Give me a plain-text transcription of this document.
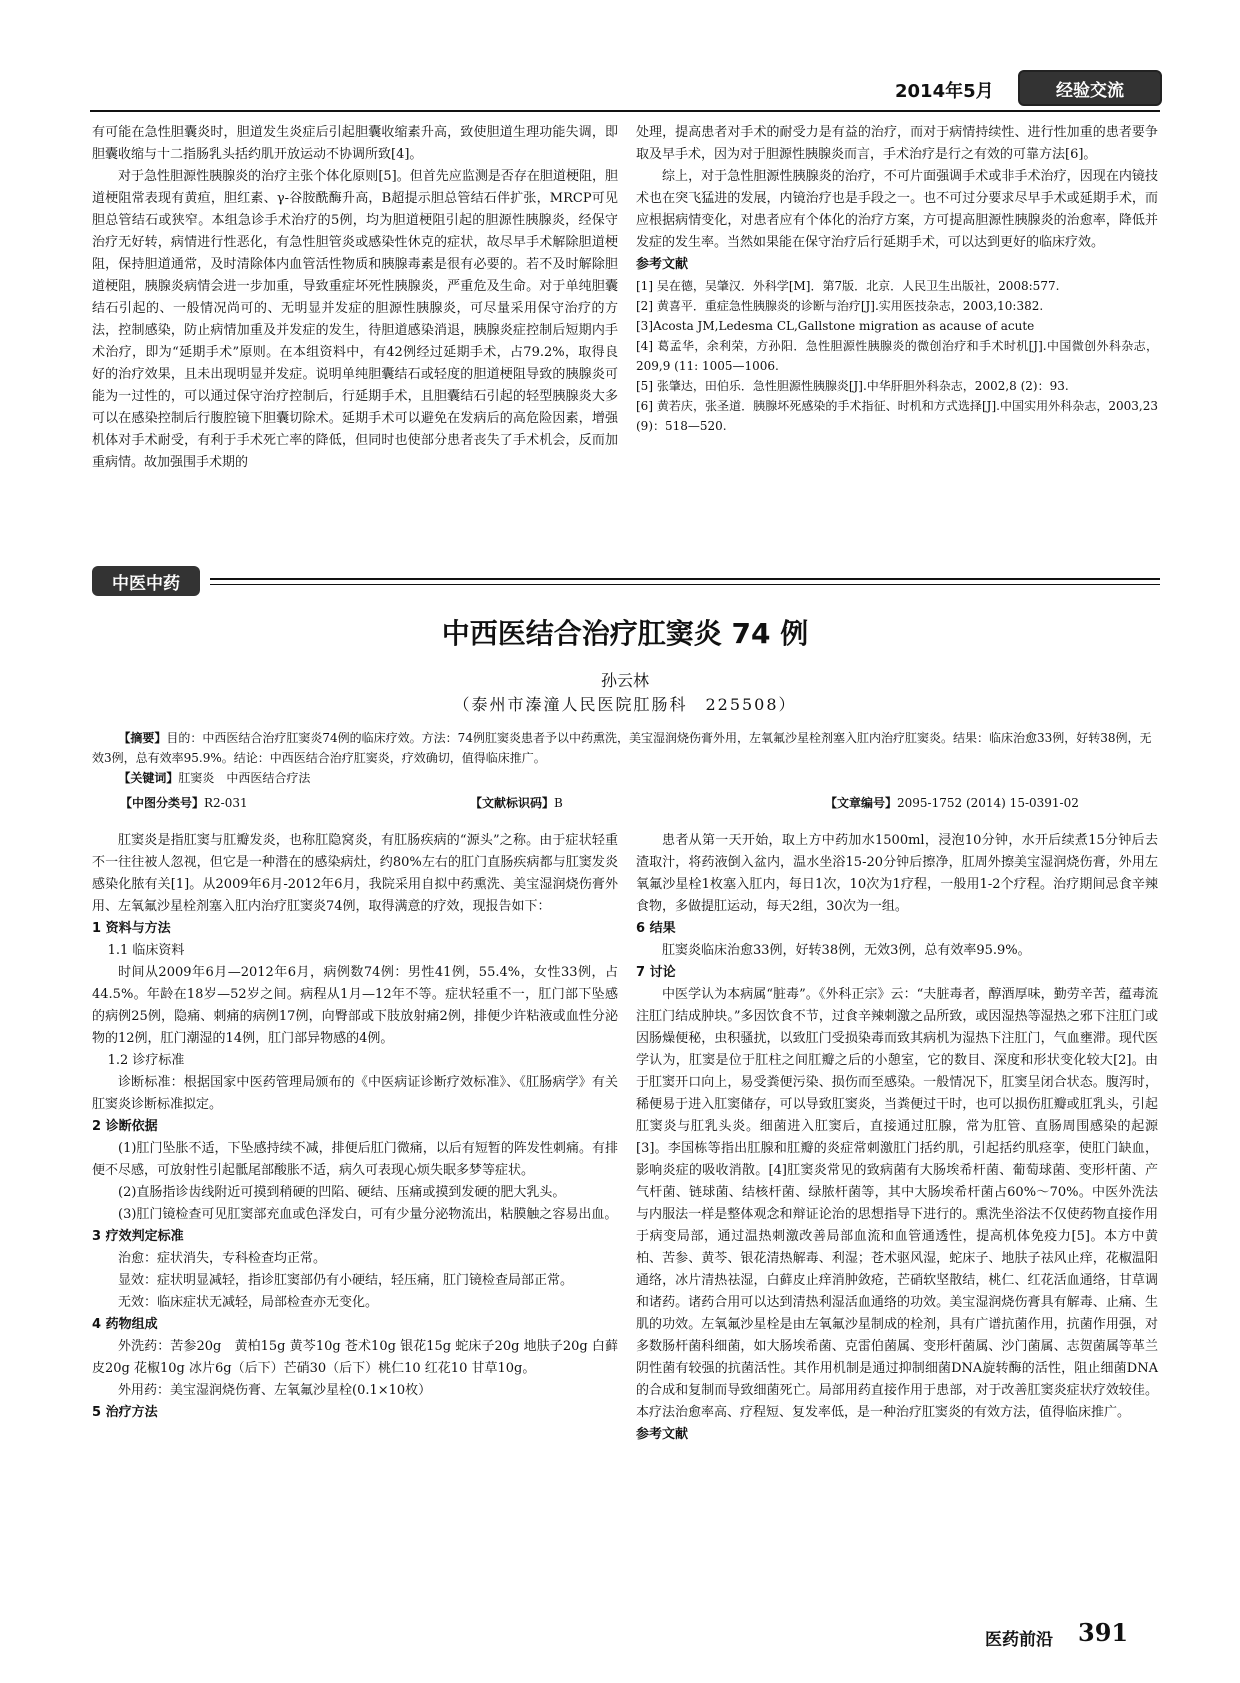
2014年5月	经验交流

有可能在急性胆囊炎时，胆道发生炎症后引起胆囊收缩素升高，致使胆道生理功能失调，即胆囊收缩与十二指肠乳头括约肌开放运动不协调所致[4]。

对于急性胆源性胰腺炎的治疗主张个体化原则[5]。但首先应监测是否存在胆道梗阻，胆道梗阻常表现有黄疸，胆红素、γ-谷胺酰酶升高，B超提示胆总管结石伴扩张，MRCP可见胆总管结石或狭窄。本组急诊手术治疗的5例，均为胆道梗阻引起的胆源性胰腺炎，经保守治疗无好转，病情进行性恶化，有急性胆管炎或感染性休克的症状，故尽早手术解除胆道梗阻，保持胆道通常，及时清除体内血管活性物质和胰腺毒素是很有必要的。若不及时解除胆道梗阻，胰腺炎病情会进一步加重，导致重症坏死性胰腺炎，严重危及生命。对于单纯胆囊结石引起的、一般情况尚可的、无明显并发症的胆源性胰腺炎，可尽量采用保守治疗的方法，控制感染，防止病情加重及并发症的发生，待胆道感染消退，胰腺炎症控制后短期内手术治疗，即为“延期手术”原则。在本组资料中，有42例经过延期手术，占79.2%，取得良好的治疗效果，且未出现明显并发症。说明单纯胆囊结石或轻度的胆道梗阻导致的胰腺炎可能为一过性的，可以通过保守治疗控制后，行延期手术，且胆囊结石引起的轻型胰腺炎大多可以在感染控制后行腹腔镜下胆囊切除术。延期手术可以避免在发病后的高危险因素，增强机体对手术耐受，有利于手术死亡率的降低，但同时也使部分患者丧失了手术机会，反而加重病情。故加强围手术期的

处理，提高患者对手术的耐受力是有益的治疗，而对于病情持续性、进行性加重的患者要争取及早手术，因为对于胆源性胰腺炎而言，手术治疗是行之有效的可靠方法[6]。

综上，对于急性胆源性胰腺炎的治疗，不可片面强调手术或非手术治疗，因现在内镜技术也在突飞猛进的发展，内镜治疗也是手段之一。也不可过分要求尽早手术或延期手术，而应根据病情变化，对患者应有个体化的治疗方案，方可提高胆源性胰腺炎的治愈率，降低并发症的发生率。当然如果能在保守治疗后行延期手术，可以达到更好的临床疗效。

参考文献

[1] 吴在德，吴肇汉．外科学[M]．第7版．北京．人民卫生出版社，2008:577.

[2] 黄喜平．重症急性胰腺炎的诊断与治疗[J].实用医技杂志，2003,10:382.

[3]Acosta JM,Ledesma CL,Gallstone migration as acause of acute

[4] 葛孟华，余利荣，方孙阳．急性胆源性胰腺炎的微创治疗和手术时机[J].中国微创外科杂志，209,9 (11: 1005—1006.

[5] 张肇达，田伯乐．急性胆源性胰腺炎[J].中华肝胆外科杂志，2002,8 (2)：93.

[6] 黄若庆，张圣道．胰腺坏死感染的手术指征、时机和方式选择[J].中国实用外科杂志，2003,23 (9)：518—520.

中医中药
中西医结合治疗肛窦炎 74 例
孙云林
（泰州市溱潼人民医院肛肠科　225508）

【摘要】目的：中西医结合治疗肛窦炎74例的临床疗效。方法：74例肛窦炎患者予以中药熏洗，美宝湿润烧伤膏外用，左氧氟沙星栓剂塞入肛内治疗肛窦炎。结果：临床治愈33例，好转38例，无效3例，总有效率95.9%。结论：中西医结合治疗肛窦炎，疗效确切，值得临床推广。

【关键词】肛窦炎　中西医结合疗法

【中图分类号】R2-031	【文献标识码】B	【文章编号】2095-1752 (2014) 15-0391-02

肛窦炎是指肛窦与肛瓣发炎，也称肛隐窝炎，有肛肠疾病的“源头”之称。由于症状轻重不一往往被人忽视，但它是一种潜在的感染病灶，约80%左右的肛门直肠疾病都与肛窦发炎感染化脓有关[1]。从2009年6月-2012年6月，我院采用自拟中药熏洗、美宝湿润烧伤膏外用、左氧氟沙星栓剂塞入肛内治疗肛窦炎74例，取得满意的疗效，现报告如下：

1 资料与方法

1.1 临床资料

时间从2009年6月—2012年6月，病例数74例：男性41例，55.4%，女性33例，占44.5%。年龄在18岁—52岁之间。病程从1月—12年不等。症状轻重不一，肛门部下坠感的病例25例，隐痛、刺痛的病例17例，向臀部或下肢放射痛2例，排便少许粘液或血性分泌物的12例，肛门潮湿的14例，肛门部异物感的4例。

1.2 诊疗标准

诊断标准：根据国家中医药管理局颁布的《中医病证诊断疗效标准》、《肛肠病学》有关肛窦炎诊断标准拟定。

2 诊断依据

(1)肛门坠胀不适，下坠感持续不减，排便后肛门微痛，以后有短暂的阵发性刺痛。有排便不尽感，可放射性引起骶尾部酸胀不适，病久可表现心烦失眠多梦等症状。

(2)直肠指诊齿线附近可摸到稍硬的凹陷、硬结、压痛或摸到发硬的肥大乳头。

(3)肛门镜检查可见肛窦部充血或色泽发白，可有少量分泌物流出，粘膜触之容易出血。

3 疗效判定标准

治愈：症状消失，专科检查均正常。

显效：症状明显减轻，指诊肛窦部仍有小硬结，轻压痛，肛门镜检查局部正常。

无效：临床症状无减轻，局部检查亦无变化。

4 药物组成

外洗药：苦参20g　黄柏15g 黄芩10g 苍术10g 银花15g 蛇床子20g 地肤子20g 白藓皮20g 花椒10g 冰片6g（后下）芒硝30（后下）桃仁10 红花10 甘草10g。

外用药：美宝湿润烧伤膏、左氧氟沙星栓(0.1×10枚）

5 治疗方法

患者从第一天开始，取上方中药加水1500ml，浸泡10分钟，水开后续煮15分钟后去渣取汁，将药液倒入盆内，温水坐浴15-20分钟后擦净，肛周外擦美宝湿润烧伤膏，外用左氧氟沙星栓1枚塞入肛内，每日1次，10次为1疗程，一般用1-2个疗程。治疗期间忌食辛辣食物，多做提肛运动，每天2组，30次为一组。

6 结果

肛窦炎临床治愈33例，好转38例，无效3例，总有效率95.9%。

7 讨论

中医学认为本病属“脏毒”。《外科正宗》云：“夫脏毒者，醇酒厚味，勤劳辛苦，蕴毒流注肛门结成肿块。”多因饮食不节，过食辛辣刺激之品所致，或因湿热等湿热之邪下注肛门或因肠燥便秘，虫积骚扰，以致肛门受损染毒而致其病机为湿热下注肛门，气血壅滞。现代医学认为，肛窦是位于肛柱之间肛瓣之后的小憩室，它的数目、深度和形状变化较大[2]。由于肛窦开口向上，易受粪便污染、损伤而至感染。一般情况下，肛窦呈闭合状态。腹泻时，稀便易于进入肛窦储存，可以导致肛窦炎，当粪便过干时，也可以损伤肛瓣或肛乳头，引起肛窦炎与肛乳头炎。细菌进入肛窦后，直接通过肛腺，常为肛管、直肠周围感染的起源[3]。李国栋等指出肛腺和肛瓣的炎症常刺激肛门括约肌，引起括约肌痉挛，使肛门缺血，影响炎症的吸收消散。[4]肛窦炎常见的致病菌有大肠埃希杆菌、葡萄球菌、变形杆菌、产气杆菌、链球菌、结核杆菌、绿脓杆菌等，其中大肠埃希杆菌占60%～70%。中医外洗法与内服法一样是整体观念和辩证论治的思想指导下进行的。熏洗坐浴法不仅使药物直接作用于病变局部，通过温热刺激改善局部血流和血管通透性，提高机体免疫力[5]。本方中黄柏、苦参、黄芩、银花清热解毒、利湿；苍术驱风湿，蛇床子、地肤子祛风止痒，花椒温阳通络，冰片清热祛湿，白藓皮止痒消肿敛疮，芒硝软坚散结，桃仁、红花活血通络，甘草调和诸药。诸药合用可以达到清热利湿活血通络的功效。美宝湿润烧伤膏具有解毒、止痛、生肌的功效。左氧氟沙星栓是由左氧氟沙星制成的栓剂，具有广谱抗菌作用，抗菌作用强，对多数肠杆菌科细菌，如大肠埃希菌、克雷伯菌属、变形杆菌属、沙门菌属、志贺菌属等革兰阴性菌有较强的抗菌活性。其作用机制是通过抑制细菌DNA旋转酶的活性，阻止细菌DNA的合成和复制而导致细菌死亡。局部用药直接作用于患部，对于改善肛窦炎症状疗效较佳。本疗法治愈率高、疗程短、复发率低，是一种治疗肛窦炎的有效方法，值得临床推广。

参考文献

医药前沿 391
